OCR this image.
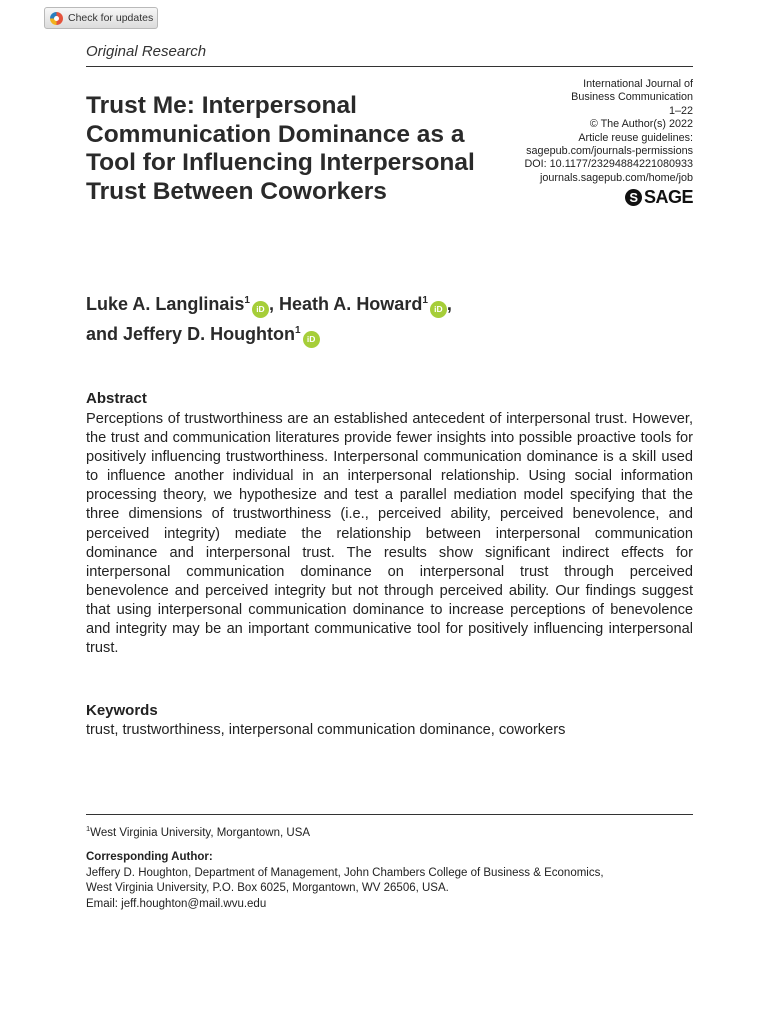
Check for updates
Original Research
International Journal of
Business Communication
1–22
© The Author(s) 2022
Article reuse guidelines:
sagepub.com/journals-permissions
DOI: 10.1177/23294884221080933
journals.sagepub.com/home/job
S SAGE
Trust Me: Interpersonal Communication Dominance as a Tool for Influencing Interpersonal Trust Between Coworkers
Luke A. Langlinais$^1$iD , Heath A. Howard$^1$iD ,
and Jeffery D. Houghton$^1$iD
Abstract

Perceptions of trustworthiness are an established antecedent of interpersonal trust. However, the trust and communication literatures provide fewer insights into possible proactive tools for positively influencing trustworthiness. Interpersonal communication dominance is a skill used to influence another individual in an interpersonal relationship. Using social information processing theory, we hypothesize and test a parallel mediation model specifying that the three dimensions of trustworthiness (i.e., perceived ability, perceived benevolence, and perceived integrity) mediate the relationship between interpersonal communication dominance and interpersonal trust. The results show significant indirect effects for interpersonal communication dominance on interpersonal trust through perceived benevolence and perceived integrity but not through perceived ability. Our findings suggest that using interpersonal communication dominance to increase perceptions of benevolence and integrity may be an important communicative tool for positively influencing interpersonal trust.

Keywords
trust, trustworthiness, interpersonal communication dominance, coworkers
$^1$West Virginia University, Morgantown, USA
Corresponding Author:
Jeffery D. Houghton, Department of Management, John Chambers College of Business & Economics,
West Virginia University, P.O. Box 6025, Morgantown, WV 26506, USA.
Email: jeff.houghton@mail.wvu.edu
